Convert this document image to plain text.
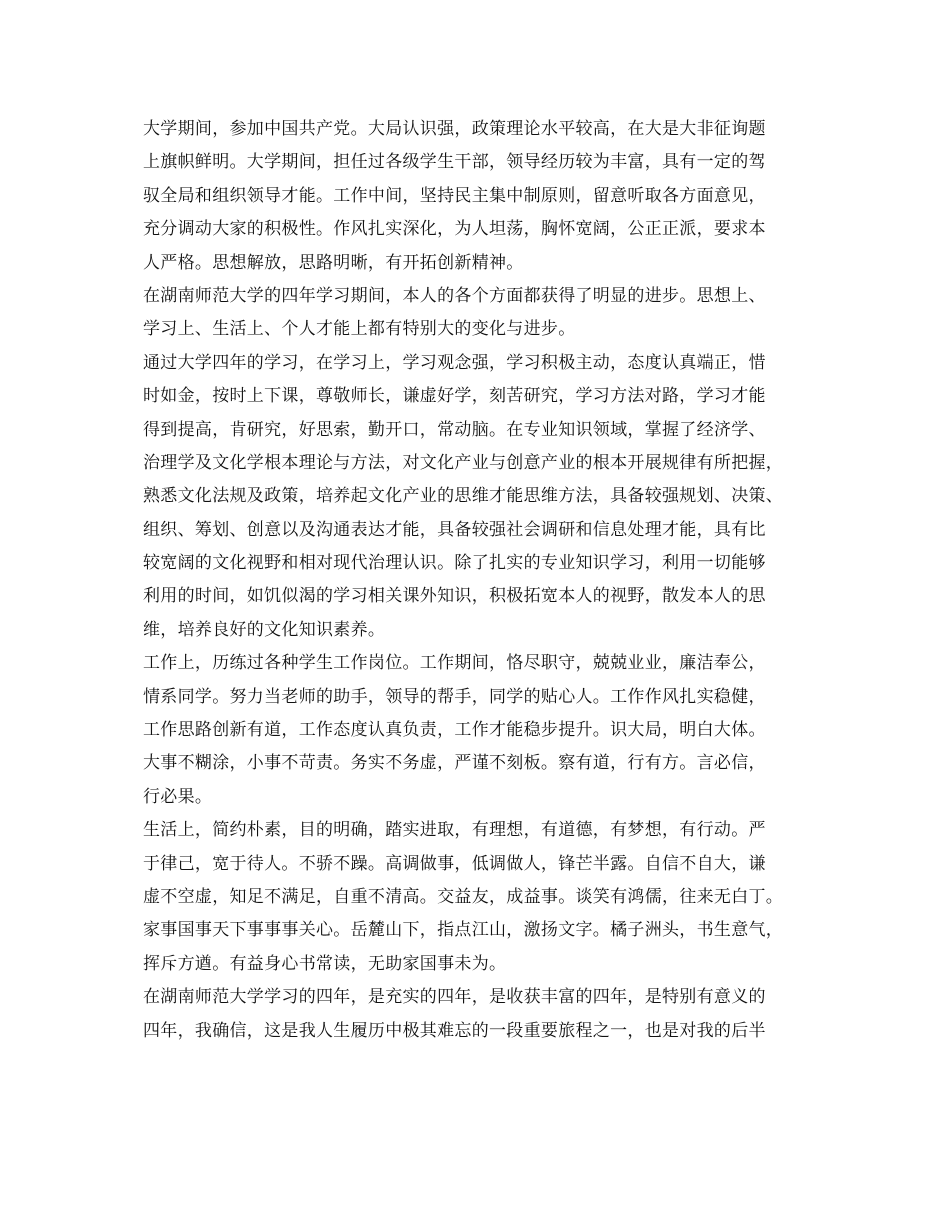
大学期间，参加中国共产党。大局认识强，政策理论水平较高，在大是大非征询题
上旗帜鲜明。大学期间，担任过各级学生干部，领导经历较为丰富，具有一定的驾
驭全局和组织领导才能。工作中间，坚持民主集中制原则，留意听取各方面意见，
充分调动大家的积极性。作风扎实深化，为人坦荡，胸怀宽阔，公正正派，要求本
人严格。思想解放，思路明晰，有开拓创新精神。

在湖南师范大学的四年学习期间，本人的各个方面都获得了明显的进步。思想上、
学习上、生活上、个人才能上都有特别大的变化与进步。

通过大学四年的学习，在学习上，学习观念强，学习积极主动，态度认真端正，惜
时如金，按时上下课，尊敬师长，谦虚好学，刻苦研究，学习方法对路，学习才能
得到提高，肯研究，好思索，勤开口，常动脑。在专业知识领域，掌握了经济学、
治理学及文化学根本理论与方法，对文化产业与创意产业的根本开展规律有所把握，
熟悉文化法规及政策，培养起文化产业的思维才能思维方法，具备较强规划、决策、
组织、筹划、创意以及沟通表达才能，具备较强社会调研和信息处理才能，具有比
较宽阔的文化视野和相对现代治理认识。除了扎实的专业知识学习，利用一切能够
利用的时间，如饥似渴的学习相关课外知识，积极拓宽本人的视野，散发本人的思
维，培养良好的文化知识素养。

工作上，历练过各种学生工作岗位。工作期间，恪尽职守，兢兢业业，廉洁奉公，
情系同学。努力当老师的助手，领导的帮手，同学的贴心人。工作作风扎实稳健，
工作思路创新有道，工作态度认真负责，工作才能稳步提升。识大局，明白大体。
大事不糊涂，小事不苛责。务实不务虚，严谨不刻板。察有道，行有方。言必信，
行必果。

生活上，简约朴素，目的明确，踏实进取，有理想，有道德，有梦想，有行动。严
于律己，宽于待人。不骄不躁。高调做事，低调做人，锋芒半露。自信不自大，谦
虚不空虚，知足不满足，自重不清高。交益友，成益事。谈笑有鸿儒，往来无白丁。
家事国事天下事事事关心。岳麓山下，指点江山，激扬文字。橘子洲头，书生意气，
挥斥方遒。有益身心书常读，无助家国事未为。

在湖南师范大学学习的四年，是充实的四年，是收获丰富的四年，是特别有意义的
四年，我确信，这是我人生履历中极其难忘的一段重要旅程之一，也是对我的后半
